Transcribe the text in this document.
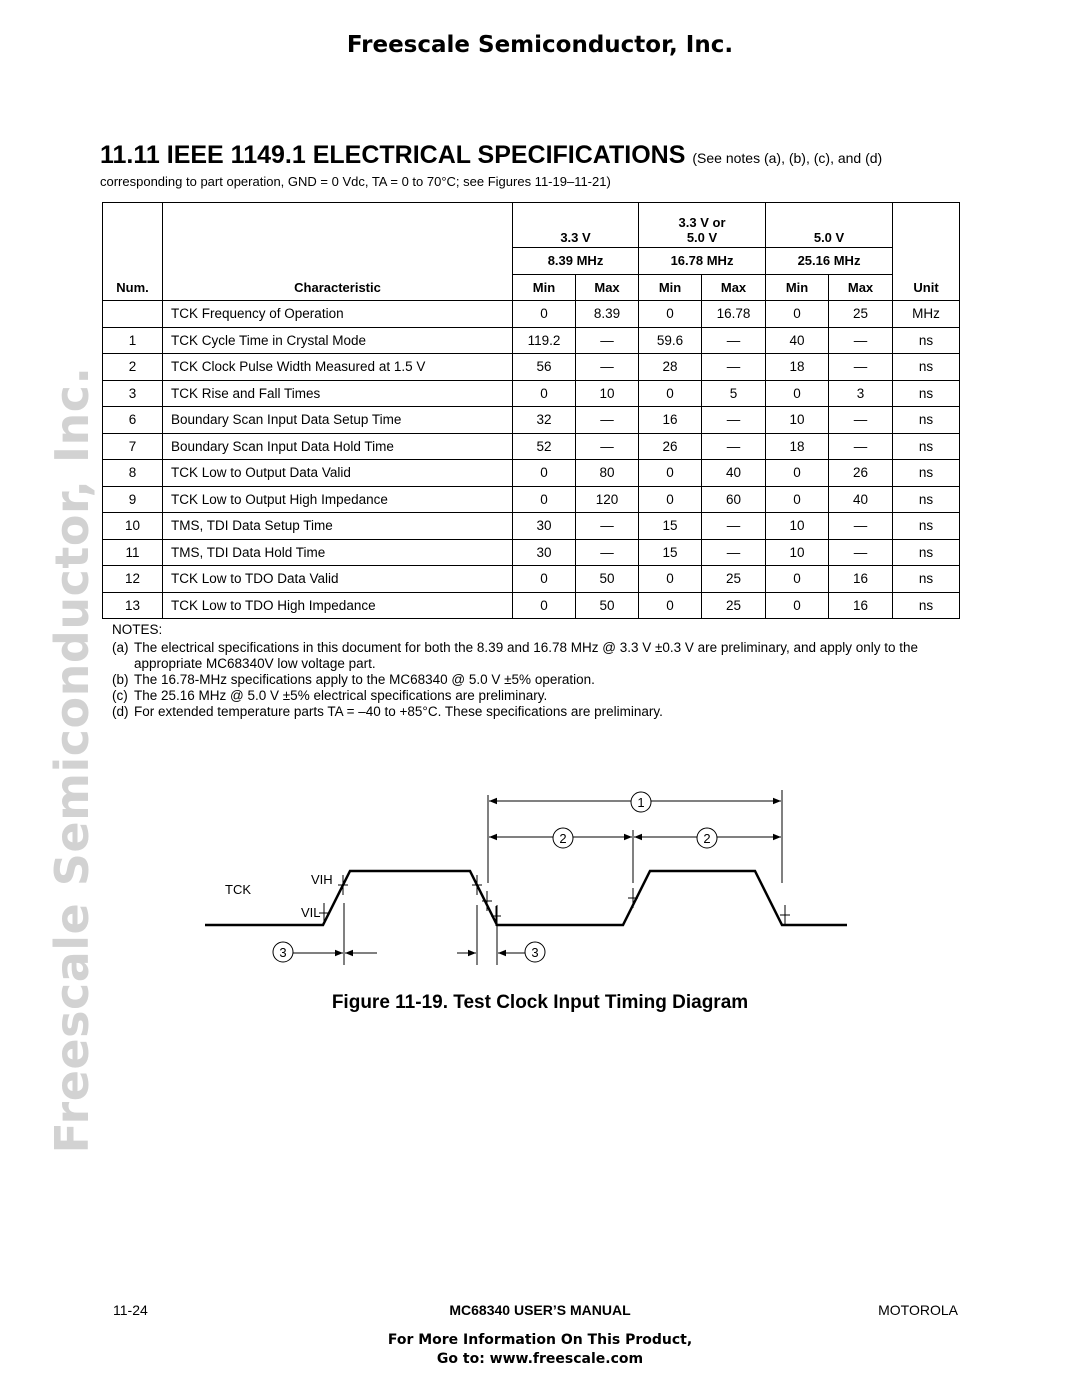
Freescale Semiconductor, Inc.
Freescale Semiconductor, Inc.
11.11 IEEE 1149.1 ELECTRICAL SPECIFICATIONS (See notes (a), (b), (c), and (d)
corresponding to part operation, GND = 0 Vdc, TA = 0 to 70°C; see Figures 11-19–11-21)

		3.3 V		3.3 V or
5.0 V		5.0 V		

		8.39 MHz		16.78 MHz		25.16 MHz		
Num.	Characteristic	Min	Max	Min	Max	Min	Max	Unit
	TCK Frequency of Operation	0	8.39	0	16.78	0	25	MHz
1	TCK Cycle Time in Crystal Mode	119.2	—	59.6	—	40	—	ns
2	TCK Clock Pulse Width Measured at 1.5 V	56	—	28	—	18	—	ns
3	TCK Rise and Fall Times	0	10	0	5	0	3	ns
6	Boundary Scan Input Data Setup Time	32	—	16	—	10	—	ns
7	Boundary Scan Input Data Hold Time	52	—	26	—	18	—	ns
8	TCK Low to Output Data Valid	0	80	0	40	0	26	ns
9	TCK Low to Output High Impedance	0	120	0	60	0	40	ns
10	TMS, TDI Data Setup Time	30	—	15	—	10	—	ns
11	TMS, TDI Data Hold Time	30	—	15	—	10	—	ns
12	TCK Low to TDO Data Valid	0	50	0	25	0	16	ns
13	TCK Low to TDO High Impedance	0	50	0	25	0	16	ns
NOTES:
(a) The electrical specifications in this document for both the 8.39 and 16.78 MHz @ 3.3 V ±0.3 V are preliminary, and apply only to the appropriate MC68340V low voltage part.
(b) The 16.78-MHz specifications apply to the MC68340 @ 5.0 V ±5% operation.
(c) The 25.16 MHz @ 5.0 V ±5% electrical specifications are preliminary.
(d) For extended temperature parts TA = –40 to +85°C. These specifications are preliminary.
1
2	2
3	3
TCK
VIH
VIL
Figure 11-19. Test Clock Input Timing Diagram
11-24	MC68340 USER’S MANUAL	MOTOROLA
For More Information On This Product,
Go to: www.freescale.com
